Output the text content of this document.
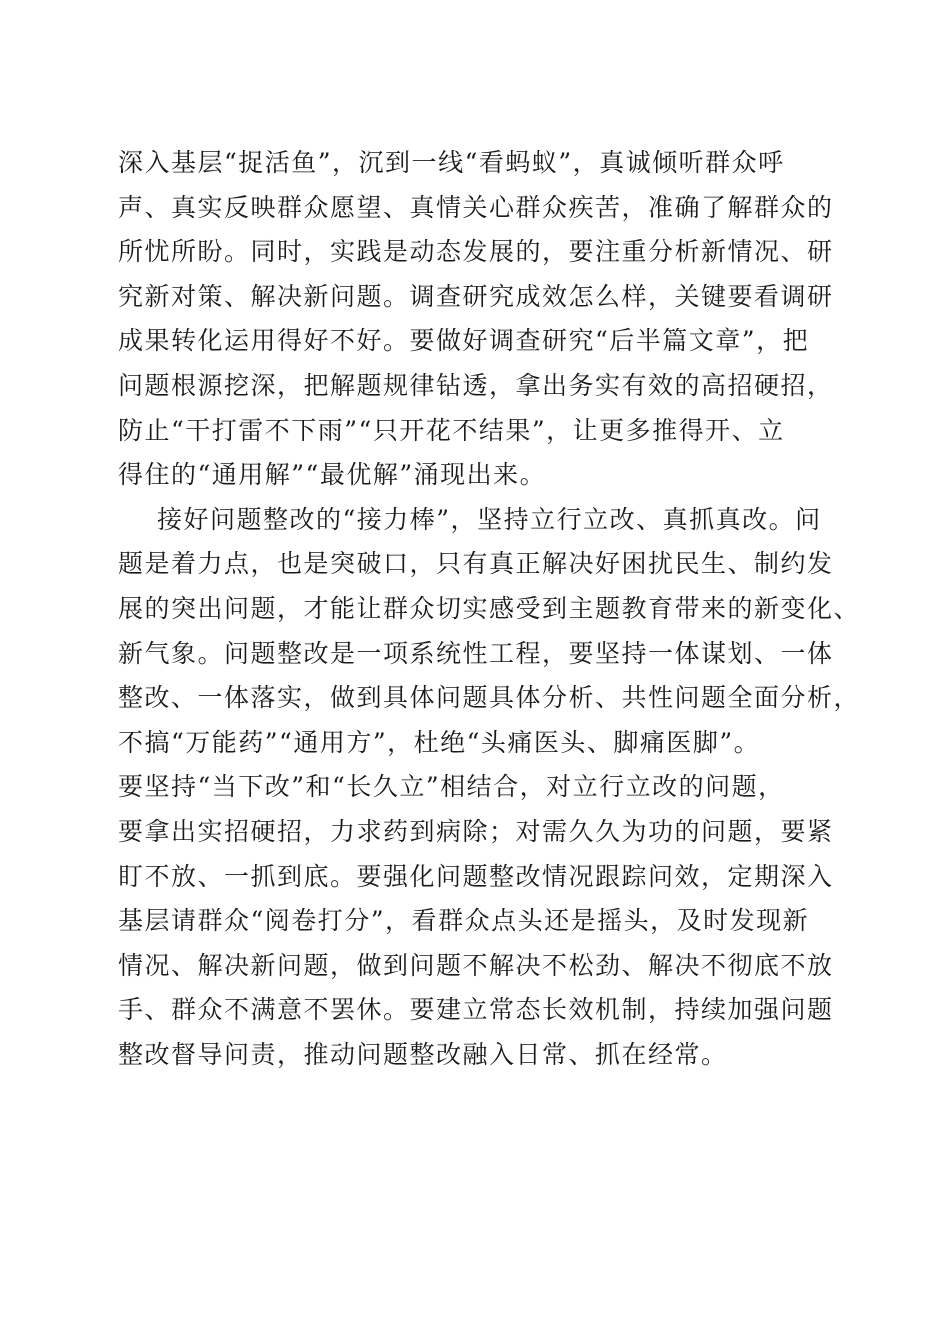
深入基层“捉活鱼”，沉到一线“看蚂蚁”，真诚倾听群众呼
声、真实反映群众愿望、真情关心群众疾苦，准确了解群众的
所忧所盼。同时，实践是动态发展的，要注重分析新情况、研
究新对策、解决新问题。调查研究成效怎么样，关键要看调研
成果转化运用得好不好。要做好调查研究“后半篇文章”，把
问题根源挖深，把解题规律钻透，拿出务实有效的高招硬招，
防止“干打雷不下雨”“只开花不结果”，让更多推得开、立
得住的“通用解”“最优解”涌现出来。
接好问题整改的“接力棒”，坚持立行立改、真抓真改。问
题是着力点，也是突破口，只有真正解决好困扰民生、制约发
展的突出问题，才能让群众切实感受到主题教育带来的新变化、
新气象。问题整改是一项系统性工程，要坚持一体谋划、一体
整改、一体落实，做到具体问题具体分析、共性问题全面分析，
不搞“万能药”“通用方”，杜绝“头痛医头、脚痛医脚”。
要坚持“当下改”和“长久立”相结合，对立行立改的问题，
要拿出实招硬招，力求药到病除；对需久久为功的问题，要紧
盯不放、一抓到底。要强化问题整改情况跟踪问效，定期深入
基层请群众“阅卷打分”，看群众点头还是摇头，及时发现新
情况、解决新问题，做到问题不解决不松劲、解决不彻底不放
手、群众不满意不罢休。要建立常态长效机制，持续加强问题
整改督导问责，推动问题整改融入日常、抓在经常。
